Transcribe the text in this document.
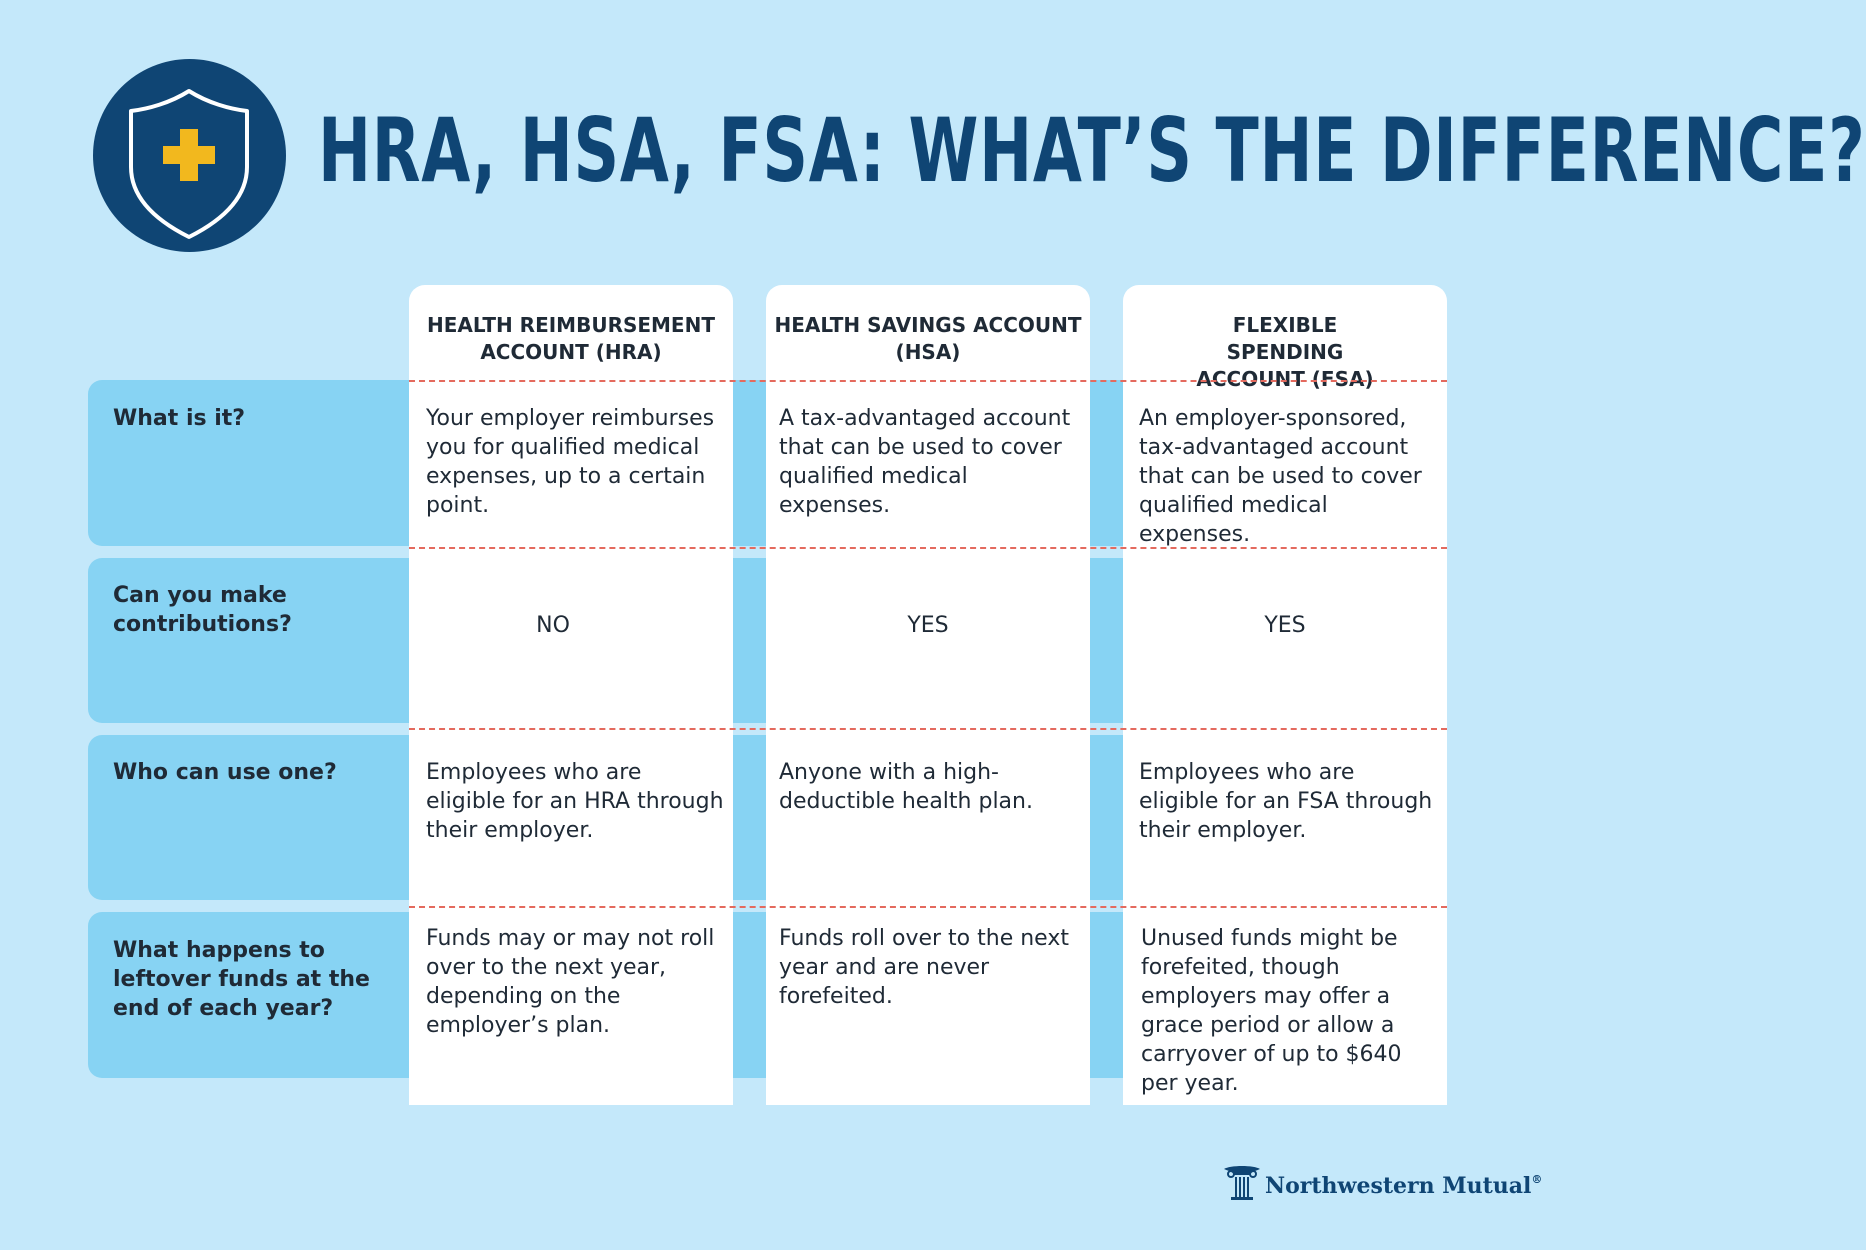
HRA, HSA, FSA: WHAT’S THE DIFFERENCE?
What is it?
Can you make contributions?
Who can use one?
What happens to leftover funds at the end of each year?
HEALTH REIMBURSEMENT ACCOUNT (HRA)
HEALTH SAVINGS ACCOUNT (HSA)
FLEXIBLE SPENDING ACCOUNT (FSA)
Your employer reimburses you for qualified medical expenses, up to a certain point.
A tax-advantaged account that can be used to cover qualified medical expenses.
An employer-sponsored, tax-advantaged account that can be used to cover qualified medical expenses.
NO	YES	YES
Employees who are eligible for an HRA through their employer.
Anyone with a high-deductible health plan.
Employees who are eligible for an FSA through their employer.
Funds may or may not roll over to the next year, depending on the employer’s plan.
Funds roll over to the next year and are never forefeited.
Unused funds might be forefeited, though employers may offer a grace period or allow a carryover of up to $640 per year.
Northwestern Mutual®
